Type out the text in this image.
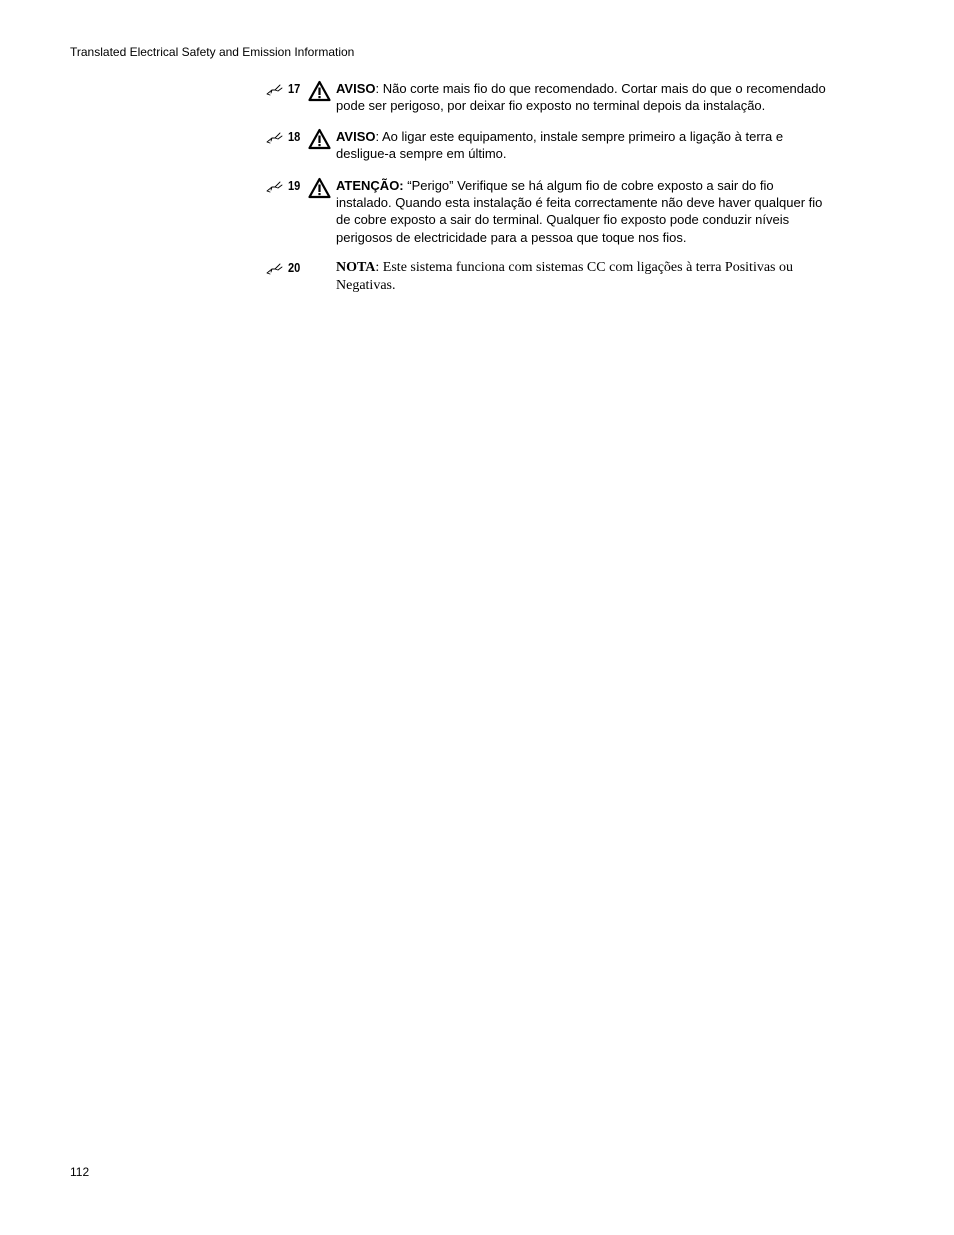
Translated Electrical Safety and Emission Information
17	AVISO: Não corte mais fio do que recomendado. Cortar mais do que o recomendado pode ser perigoso, por deixar fio exposto no terminal depois da instalação.
18	AVISO: Ao ligar este equipamento, instale sempre primeiro a ligação à terra e desligue-a sempre em último.
19	ATENÇÃO: “Perigo” Verifique se há algum fio de cobre exposto a sair do fio instalado. Quando esta instalação é feita correctamente não deve haver qualquer fio de cobre exposto a sair do terminal. Qualquer fio exposto pode conduzir níveis perigosos de electricidade para a pessoa que toque nos fios.
20	NOTA: Este sistema funciona com sistemas CC com ligações à terra Positivas ou Negativas.
112
